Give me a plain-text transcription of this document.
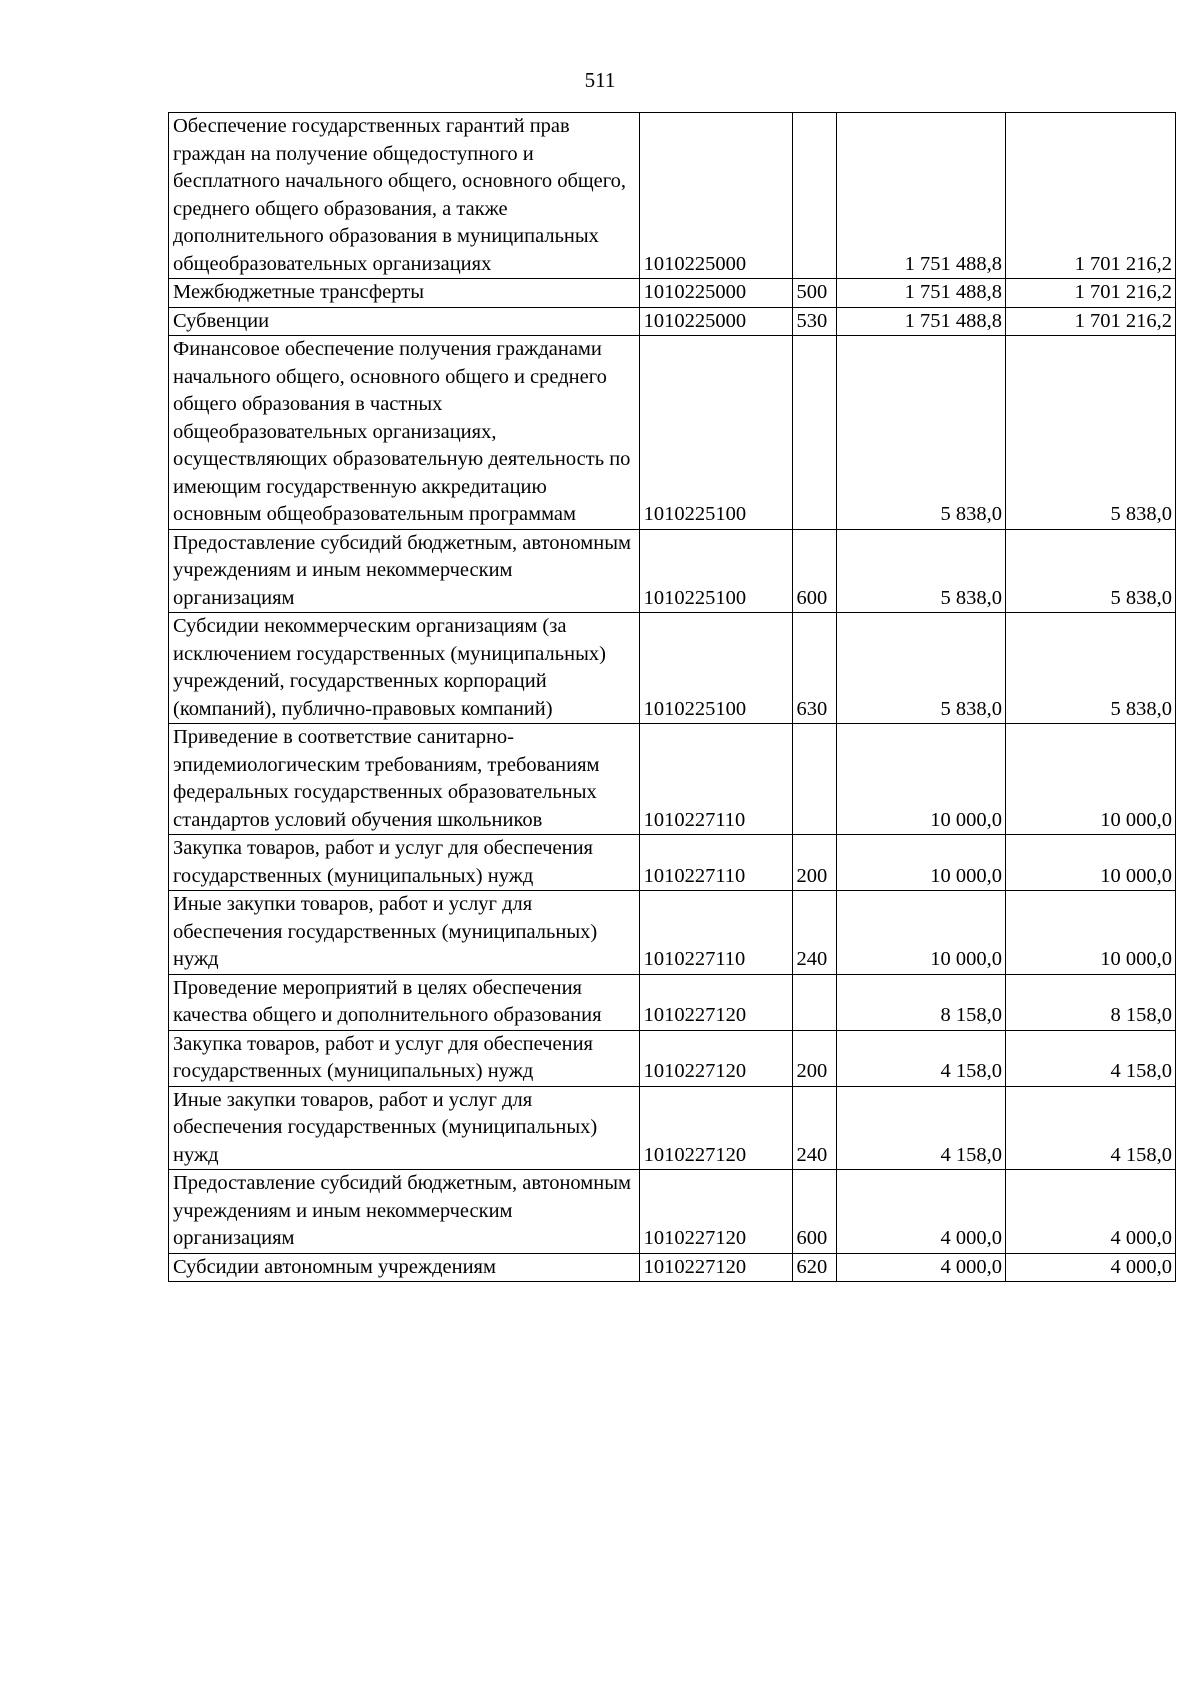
511
Обеспечение государственных гарантий прав граждан на получение общедоступного и бесплатного начального общего, основного общего, среднего общего образования, а также дополнительного образования в муниципальных общеобразовательных организациях	1010225000		1 751 488,8	1 701 216,2
Межбюджетные трансферты	1010225000	500	1 751 488,8	1 701 216,2
Субвенции	1010225000	530	1 751 488,8	1 701 216,2
Финансовое обеспечение получения гражданами начального общего, основного общего и среднего общего образования в частных общеобразовательных организациях, осуществляющих образовательную деятельность по имеющим государственную аккредитацию основным общеобразовательным программам	1010225100		5 838,0	5 838,0
Предоставление субсидий бюджетным, автономным учреждениям и иным некоммерческим организациям	1010225100	600	5 838,0	5 838,0
Субсидии некоммерческим организациям (за исключением государственных (муниципальных) учреждений, государственных корпораций (компаний), публично-правовых компаний)	1010225100	630	5 838,0	5 838,0
Приведение в соответствие санитарно-эпидемиологическим требованиям, требованиям федеральных государственных образовательных стандартов условий обучения школьников	1010227110		10 000,0	10 000,0
Закупка товаров, работ и услуг для обеспечения государственных (муниципальных) нужд	1010227110	200	10 000,0	10 000,0
Иные закупки товаров, работ и услуг для обеспечения государственных (муниципальных) нужд	1010227110	240	10 000,0	10 000,0
Проведение мероприятий в целях обеспечения качества общего и дополнительного образования	1010227120		8 158,0	8 158,0
Закупка товаров, работ и услуг для обеспечения государственных (муниципальных) нужд	1010227120	200	4 158,0	4 158,0
Иные закупки товаров, работ и услуг для обеспечения государственных (муниципальных) нужд	1010227120	240	4 158,0	4 158,0
Предоставление субсидий бюджетным, автономным учреждениям и иным некоммерческим организациям	1010227120	600	4 000,0	4 000,0
Субсидии автономным учреждениям	1010227120	620	4 000,0	4 000,0
